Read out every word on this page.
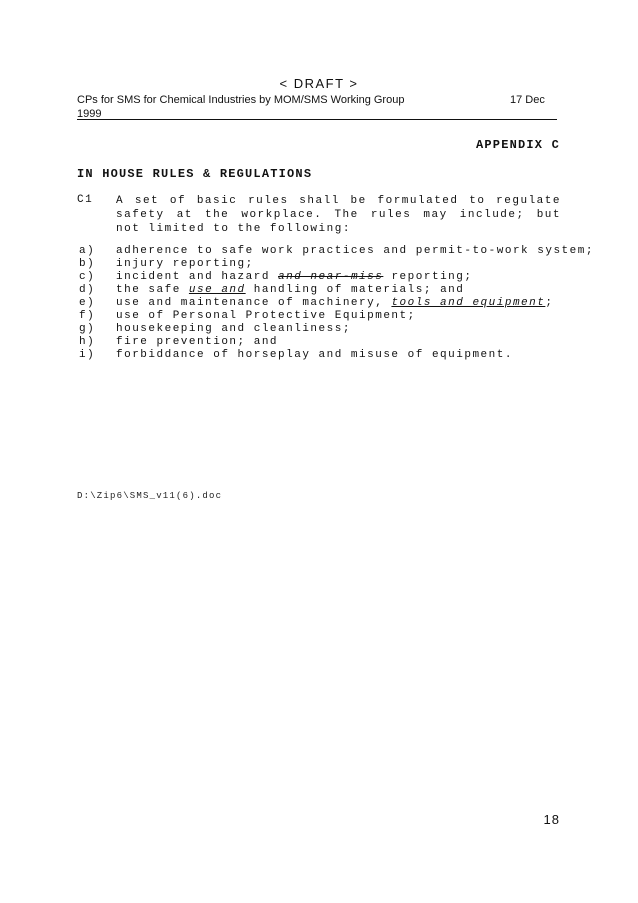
< DRAFT >
CPs for SMS for Chemical Industries by MOM/SMS Working Group
1999
17 Dec
APPENDIX C
IN HOUSE RULES & REGULATIONS
C1 A set of basic rules shall be formulated to regulate safety at the workplace. The rules may include; but not limited to the following:
a) adherence to safe work practices and permit-to-work system;
b) injury reporting;
c) incident and hazard and near-miss reporting;
d) the safe use and handling of materials; and
e) use and maintenance of machinery, tools and equipment;
f) use of Personal Protective Equipment;
g) housekeeping and cleanliness;
h) fire prevention; and
i) forbiddance of horseplay and misuse of equipment.
D:\Zip6\SMS_v11(6).doc
18
